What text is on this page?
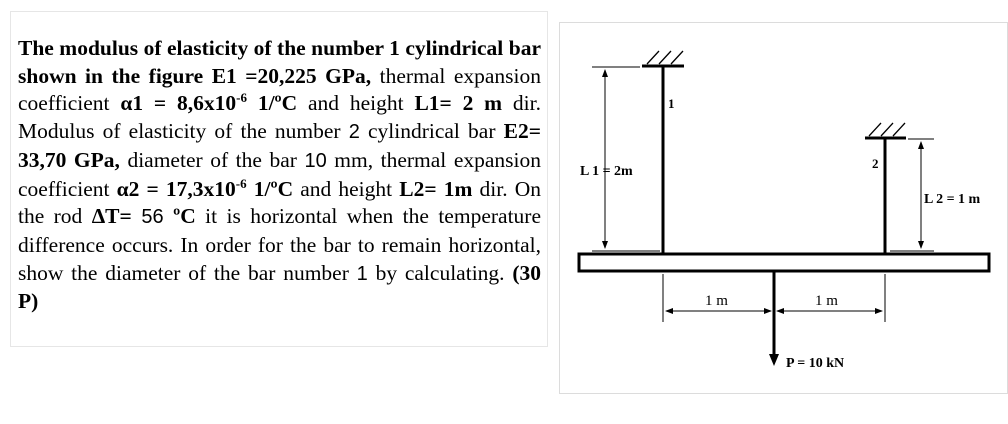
The modulus of elasticity of the number 1 cylindrical bar shown in the figure E1 =20,225 GPa, thermal expansion coefficient $\alpha 1 = 8,6x10^{-6}$ 1/ºC and height L1= 2 m dir. Modulus of elasticity of the number 2 cylindrical bar E2= 33,70 GPa, diameter of the bar 10 mm, thermal expansion coefficient $\alpha 2 = 17,3x10^{-6}$ 1/ºC and height L2= 1m dir. On the rod ΔT= 56 ºC it is horizontal when the temperature difference occurs. In order for the bar to remain horizontal, show the diameter of the bar number 1 by calculating. (30 P)
1
2
L 1 = 2m
L 2 = 1 m
1 m	1 m
P = 10 kN
